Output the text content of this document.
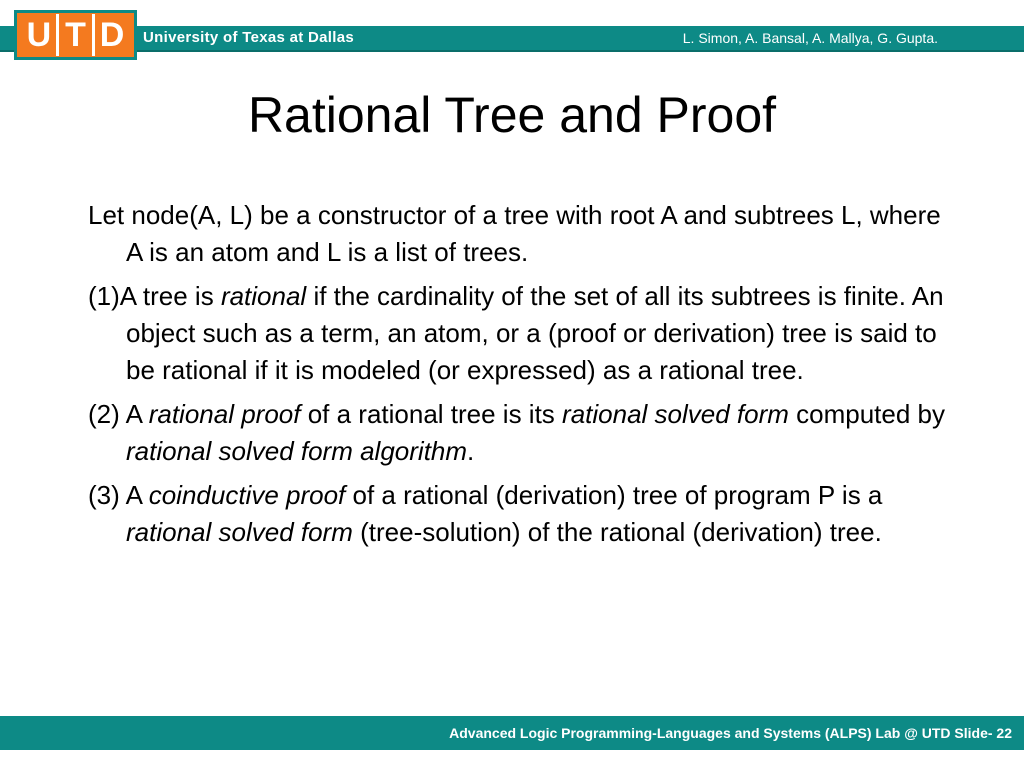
U T D University of Texas at Dallas	L. Simon, A. Bansal, A. Mallya, G. Gupta.
Rational Tree and Proof

Let node(A, L) be a constructor of a tree with root A and subtrees L, where A is an atom and L is a list of trees.

(1)A tree is rational if the cardinality of the set of all its subtrees is finite. An object such as a term, an atom, or a (proof or derivation) tree is said to be rational if it is modeled (or expressed) as a rational tree.

(2) A rational proof of a rational tree is its rational solved form computed by rational solved form algorithm.

(3) A coinductive proof of a rational (derivation) tree of program P is a rational solved form (tree-solution) of the rational (derivation) tree.

Advanced Logic Programming-Languages and Systems (ALPS) Lab @ UTD Slide- 22
